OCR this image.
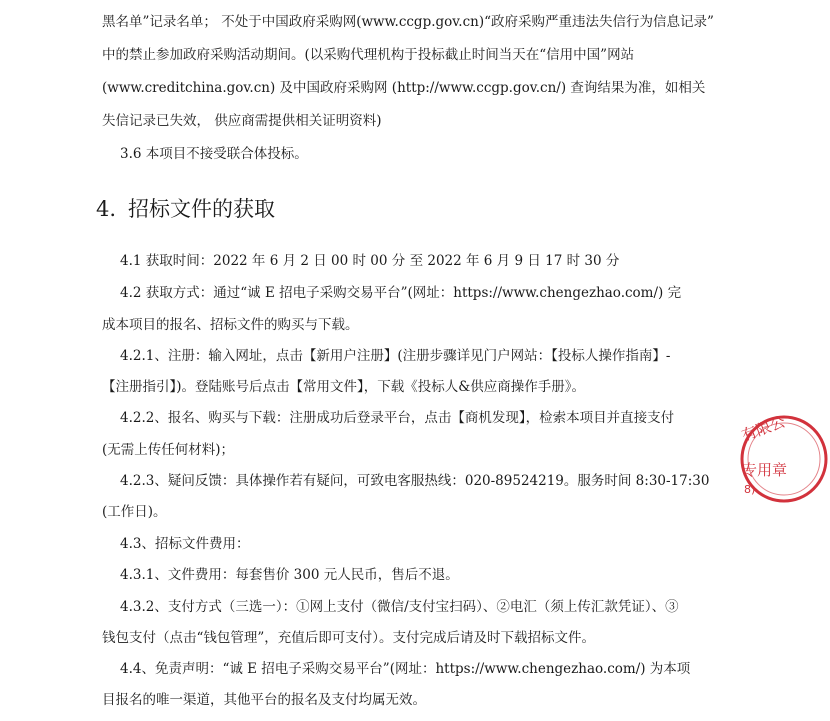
黑名单”记录名单； 不处于中国政府采购网(www.ccgp.gov.cn)“政府采购严重违法失信行为信息记录”
中的禁止参加政府采购活动期间。(以采购代理机构于投标截止时间当天在“信用中国”网站
(www.creditchina.gov.cn) 及中国政府采购网 (http://www.ccgp.gov.cn/) 查询结果为准，如相关
失信记录已失效， 供应商需提供相关证明资料)
3.6 本项目不接受联合体投标。
4. 招标文件的获取
4.1 获取时间：2022 年 6 月 2 日 00 时 00 分 至 2022 年 6 月 9 日 17 时 30 分
4.2 获取方式：通过“诚 E 招电子采购交易平台”(网址：https://www.chengezhao.com/) 完
成本项目的报名、招标文件的购买与下载。
4.2.1、注册：输入网址，点击【新用户注册】(注册步骤详见门户网站：【投标人操作指南】-
【注册指引】)。登陆账号后点击【常用文件】，下载《投标人&供应商操作手册》。
4.2.2、报名、购买与下载：注册成功后登录平台，点击【商机发现】，检索本项目并直接支付
(无需上传任何材料)；
4.2.3、疑问反馈：具体操作若有疑问，可致电客服热线：020-89524219。服务时间 8:30-17:30
(工作日)。
4.3、招标文件费用：
4.3.1、文件费用：每套售价 300 元人民币，售后不退。
4.3.2、支付方式（三选一）：①网上支付（微信/支付宝扫码）、②电汇（须上传汇款凭证）、③
钱包支付（点击“钱包管理”，充值后即可支付）。支付完成后请及时下载招标文件。
4.4、免责声明：“诚 E 招电子采购交易平台”(网址：https://www.chengezhao.com/) 为本项
目报名的唯一渠道，其他平台的报名及支付均属无效。
有限公
专用章
8)
